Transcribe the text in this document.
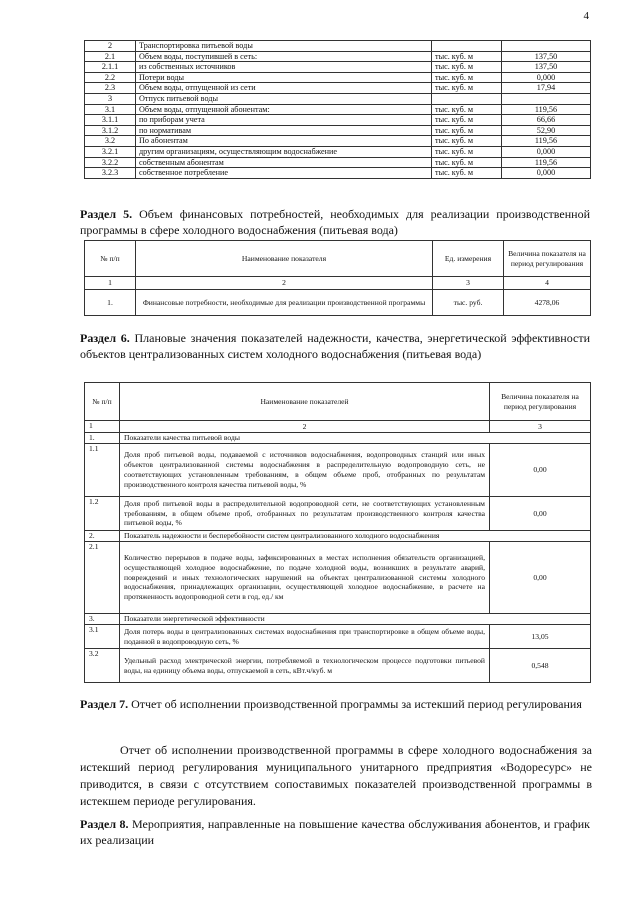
4
2	Транспортировка питьевой воды		
2.1	Объем воды, поступившей в сеть:	тыс. куб. м	137,50
2.1.1	из собственных источников	тыс. куб. м	137,50
2.2	Потери воды	тыс. куб. м	0,000
2.3	Объем воды, отпущенной из сети	тыс. куб. м	17,94
3	Отпуск питьевой воды		
3.1	Объем воды, отпущенной абонентам:	тыс. куб. м	119,56
3.1.1	по приборам учета	тыс. куб. м	66,66
3.1.2	по нормативам	тыс. куб. м	52,90
3.2	По абонентам	тыс. куб. м	119,56
3.2.1	другим организациям, осуществляющим водоснабжение	тыс. куб. м	0,000
3.2.2	собственным абонентам	тыс. куб. м	119,56
3.2.3	собственное потребление	тыс. куб. м	0,000
Раздел 5. Объем финансовых потребностей, необходимых для реализации производственной программы в сфере холодного водоснабжения (питьевая вода)
№ п/п	Наименование показателя	Ед. измерения	Величина показателя на период регулирования
1	2	3	4
1.	Финансовые потребности, необходимые для реализации производственной программы	тыс. руб.	4278,06
Раздел 6. Плановые значения показателей надежности, качества, энергетической эффективности объектов централизованных систем холодного водоснабжения (питьевая вода)
№ п/п	Наименование показателей	Величина показателя на период регулирования
1	2	3
1.	Показатели качества питьевой воды	
1.1	Доля проб питьевой воды, подаваемой с источников водоснабжения, водопроводных станций или иных объектов централизованной системы водоснабжения в распределительную водопроводную сеть, не соответствующих установленным требованиям, в общем объеме проб, отобранных по результатам производственного контроля качества питьевой воды, %	0,00
1.2	Доля проб питьевой воды в распределительной водопроводной сети, не соответствующих установленным требованиям, в общем объеме проб, отобранных по результатам производственного контроля качества питьевой воды, %	0,00
2.	Показатель надежности и бесперебойности систем централизованного холодного водоснабжения	
2.1	Количество перерывов в подаче воды, зафиксированных в местах исполнения обязательств организацией, осуществляющей холодное водоснабжение, по подаче холодной воды, возникших в результате аварий, повреждений и иных технологических нарушений на объектах централизованной системы холодного водоснабжения, принадлежащих организации, осуществляющей холодное водоснабжение, в расчете на протяженность водопроводной сети в год, ед./ км	0,00
3.	Показатели энергетической эффективности	
3.1	Доля потерь воды в централизованных системах водоснабжения при транспортировке в общем объеме воды, поданной в водопроводную сеть, %	13,05
3.2	Удельный расход электрической энергии, потребляемой в технологическом процессе подготовки питьевой воды, на единицу объема воды, отпускаемой в сеть, кВт.ч/куб. м	0,548
Раздел 7. Отчет об исполнении производственной программы за истекший период регулирования
Отчет об исполнении производственной программы в сфере холодного водоснабжения за истекший период регулирования муниципального унитарного предприятия «Водоресурс» не приводится, в связи с отсутствием сопоставимых показателей производственной программы в истекшем периоде регулирования.
Раздел 8. Мероприятия, направленные на повышение качества обслуживания абонентов, и график их реализации
